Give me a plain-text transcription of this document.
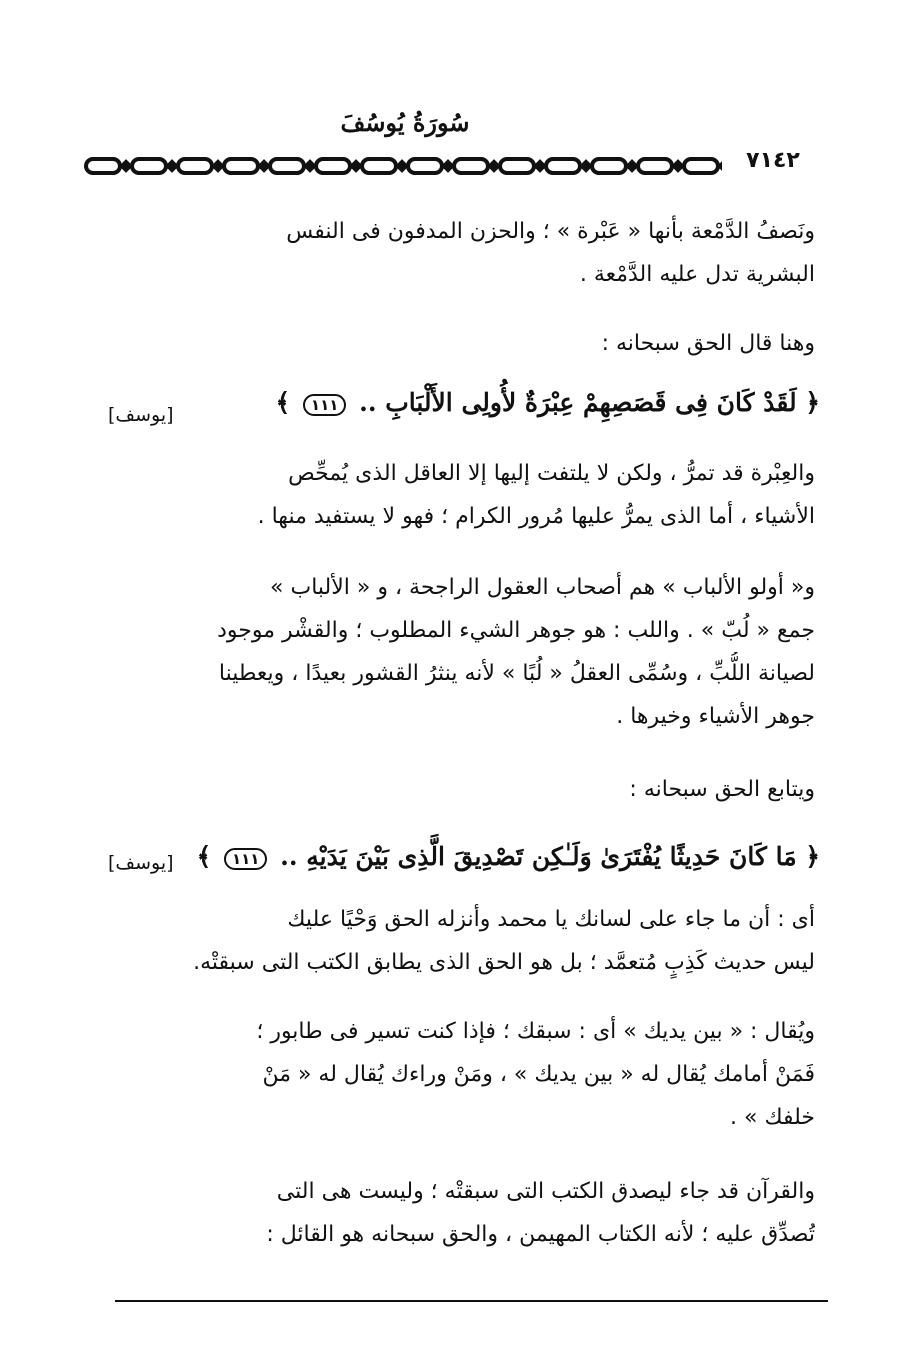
سُورَةُ يُوسُفَ
٧١٤٢
ونَصفُ الدَّمْعة بأنها « عَبْرة » ؛ والحزن المدفون فى النفس
البشرية تدل عليه الدَّمْعة .
وهنا قال الحق سبحانه :
﴿ لَقَدْ كَانَ فِى قَصَصِهِمْ عِبْرَةٌ لأُولِى الأَلْبَابِ .. ١١١ ﴾
[يوسف]
والعِبْرة قد تمرُّ ، ولكن لا يلتفت إليها إلا العاقل الذى يُمحِّص
الأشياء ، أما الذى يمرُّ عليها مُرور الكرام ؛ فهو لا يستفيد منها .
و« أولو الألباب » هم أصحاب العقول الراجحة ، و « الألباب »
جمع « لُبّ » . واللب : هو جوهر الشيء المطلوب ؛ والقشْر موجود
لصيانة اللُّبِّ ، وسُمِّى العقلُ « لُبًا » لأنه ينثرُ القشور بعيدًا ، ويعطينا
جوهر الأشياء وخيرها .
ويتابع الحق سبحانه :
﴿ مَا كَانَ حَدِيثًا يُفْتَرَىٰ وَلَـٰكِن تَصْدِيقَ الَّذِى بَيْنَ يَدَيْهِ .. ١١١ ﴾
[يوسف]
أى : أن ما جاء على لسانك يا محمد وأنزله الحق وَحْيًا عليك
ليس حديث كَذِبٍ مُتعمَّد ؛ بل هو الحق الذى يطابق الكتب التى سبقتْه.
ويُقال : « بين يديك » أى : سبقك ؛ فإذا كنت تسير فى طابور ؛
فَمَنْ أمامك يُقال له « بين يديك » ، ومَنْ وراءك يُقال له « مَنْ
خلفك » .
والقرآن قد جاء ليصدق الكتب التى سبقتْه ؛ وليست هى التى
تُصدِّق عليه ؛ لأنه الكتاب المهيمن ، والحق سبحانه هو القائل :
